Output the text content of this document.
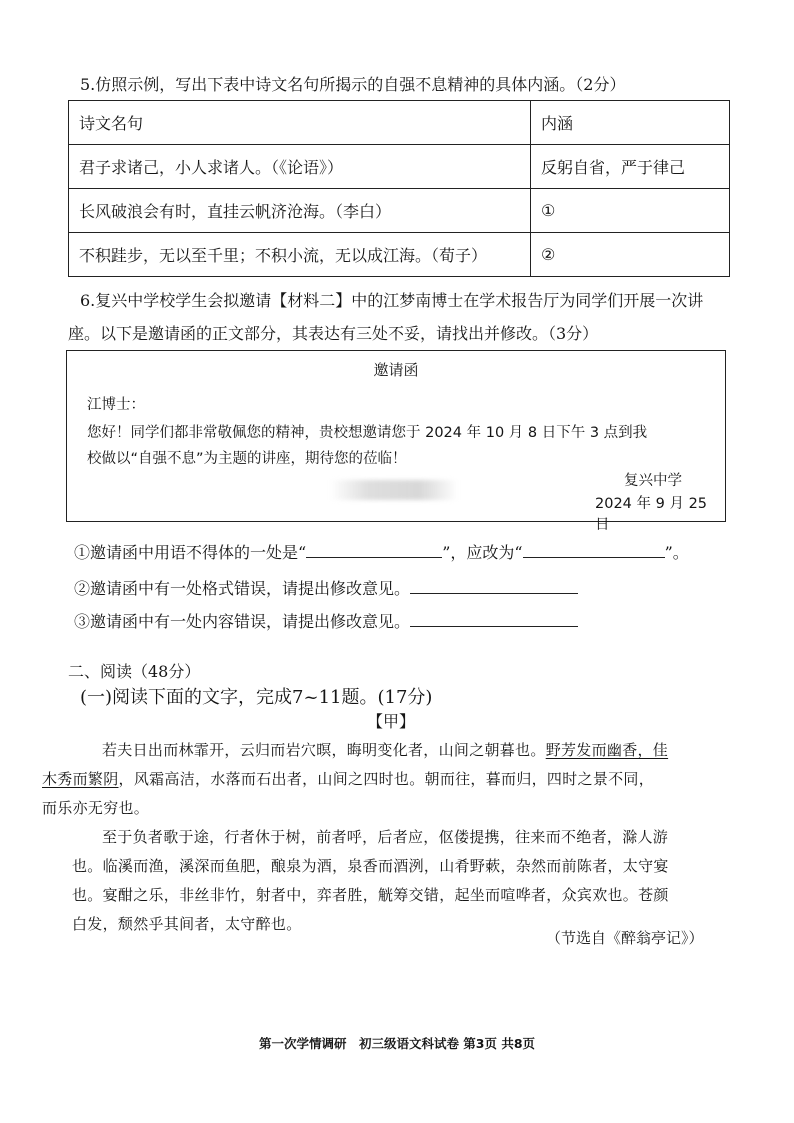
5.仿照示例，写出下表中诗文名句所揭示的自强不息精神的具体内涵。（2分）
诗文名句	内涵
君子求诸己，小人求诸人。（《论语》）	反躬自省，严于律己
长风破浪会有时，直挂云帆济沧海。（李白）	①
不积跬步，无以至千里；不积小流，无以成江海。（荀子）	②
6.复兴中学校学生会拟邀请【材料二】中的江梦南博士在学术报告厅为同学们开展一次讲
座。以下是邀请函的正文部分，其表达有三处不妥，请找出并修改。（3分）
邀请函
江博士：
您好！同学们都非常敬佩您的精神，贵校想邀请您于 2024 年 10 月 8 日下午 3 点到我
校做以“自强不息”为主题的讲座，期待您的莅临！
复兴中学
2024 年 9 月 25 日
①邀请函中用语不得体的一处是“	”，应改为“	”。
②邀请函中有一处格式错误，请提出修改意见。
③邀请函中有一处内容错误，请提出修改意见。
二、阅读（48分）
(一)阅读下面的文字，完成7~11题。(17分)
【甲】
若夫日出而林霏开，云归而岩穴暝，晦明变化者，山间之朝暮也。野芳发而幽香，佳
木秀而繁阴，风霜高洁，水落而石出者，山间之四时也。朝而往，暮而归，四时之景不同，
而乐亦无穷也。
至于负者歌于途，行者休于树，前者呼，后者应，伛偻提携，往来而不绝者，滁人游
也。临溪而渔，溪深而鱼肥，酿泉为酒，泉香而酒洌，山肴野蔌，杂然而前陈者，太守宴
也。宴酣之乐，非丝非竹，射者中，弈者胜，觥筹交错，起坐而喧哗者，众宾欢也。苍颜
白发，颓然乎其间者，太守醉也。
（节选自《醉翁亭记》）
第一次学情调研　初三级语文科试卷 第3页 共8页
